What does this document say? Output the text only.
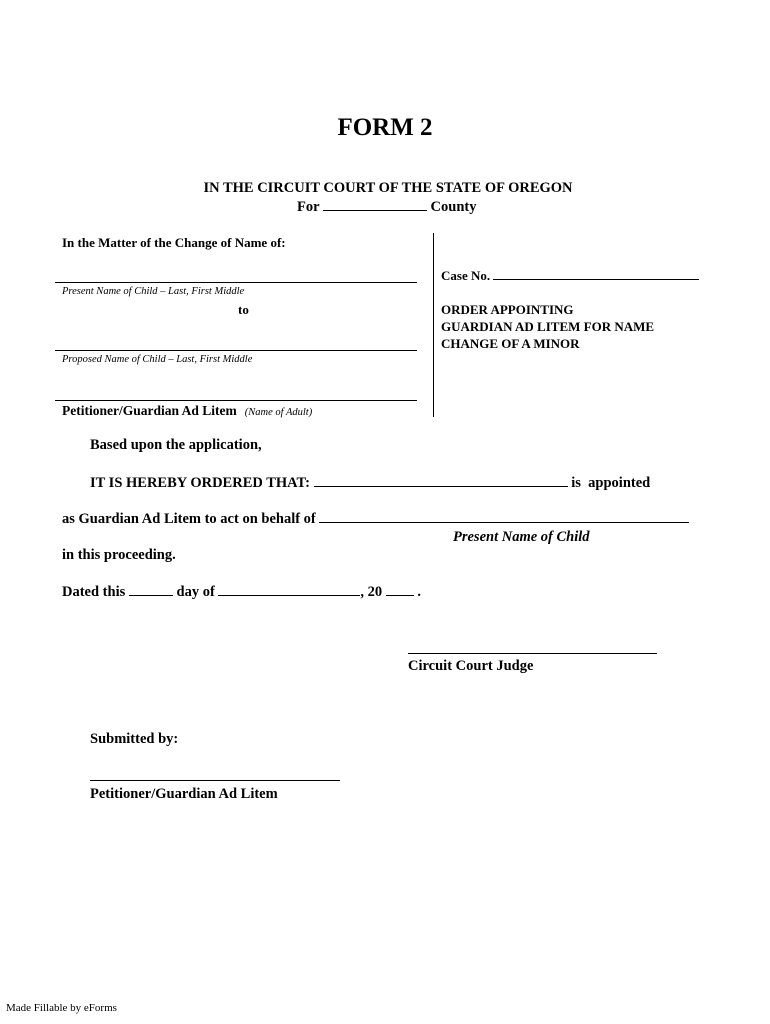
FORM 2
IN THE CIRCUIT COURT OF THE STATE OF OREGON
For	County
In the Matter of the Change of Name of:
Present Name of Child – Last, First Middle
to
Proposed Name of Child – Last, First Middle
Petitioner/Guardian Ad Litem (Name of Adult)
Case No.
ORDER APPOINTING
GUARDIAN AD LITEM FOR NAME
CHANGE OF A MINOR
Based upon the application,
IT IS HEREBY ORDERED THAT:	is  appointed
as Guardian Ad Litem to act on behalf of
Present Name of Child
in this proceeding.
Dated this	day of	, 20 .
Circuit Court Judge
Submitted by:
Petitioner/Guardian Ad Litem
Made Fillable by eForms
